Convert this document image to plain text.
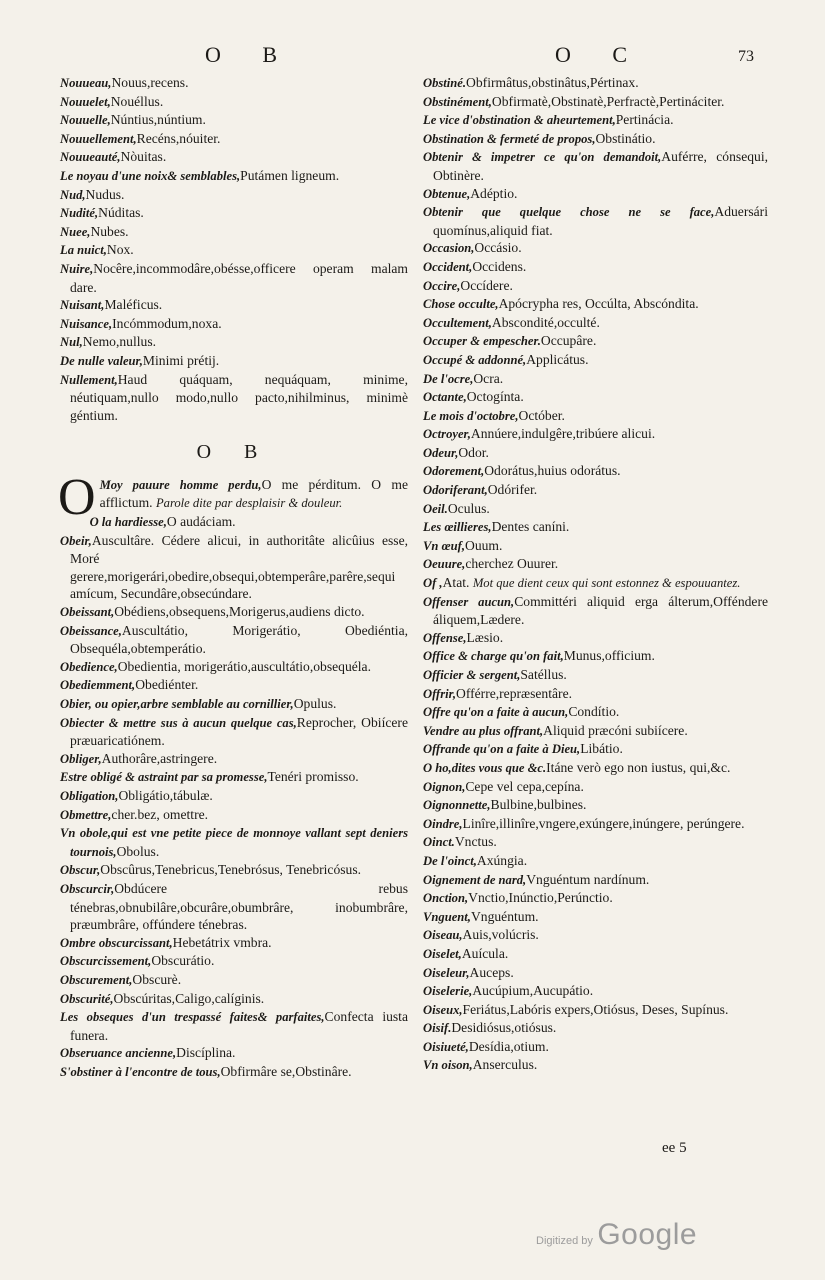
O B	O C	73

Nouueau,Nouus,recens.

Nouuelet,Nouéllus.

Nouuelle,Núntius,núntium.

Nouuellement,Recéns,nóuiter.

Nouueauté,Nòuitas.

Le noyau d'une noix& semblables,Putámen ligneum.

Nud,Nudus.

Nudité,Núditas.

Nuee,Nubes.

La nuict,Nox.

Nuire,Nocêre,incommodâre,obésse,officere operam malam dare.

Nuisant,Maléficus.

Nuisance,Incómmodum,noxa.

Nul,Nemo,nullus.

De nulle valeur,Minimi prétij.

Nullement,Haud quáquam, nequáquam, minime, néutiquam,nullo modo,nullo pacto,nihilminus, minimè géntium.

O B

O Moy pauure homme perdu,O me pérditum. O me afflictum. Parole dite par desplaisir & douleur.

O la hardiesse,O audáciam.

Obeir,Auscultâre. Cédere alicui, in authoritâte alicûius esse, Moré gerere,morigerári,obedire,obsequi,obtemperâre,parêre,sequi amícum, Secundâre,obsecúndare.

Obeissant,Obédiens,obsequens,Morigerus,audiens dicto.

Obeissance,Auscultátio, Morigerátio, Obediéntia, Obsequéla,obtemperátio.

Obedience,Obedientia, morigerátio,auscultátio,obsequéla.

Obediemment,Obediénter.

Obier, ou opier,arbre semblable au cornillier,Opulus.

Obiecter & mettre sus à aucun quelque cas,Reprocher, Obiícere præuaricatiónem.

Obliger,Authorâre,astringere.

Estre obligé & astraint par sa promesse,Tenéri promisso.

Obligation,Obligátio,tábulæ.

Obmettre,cher.bez, omettre.

Vn obole,qui est vne petite piece de monnoye vallant sept deniers tournois,Obolus.

Obscur,Obscûrus,Tenebricus,Tenebrósus, Tenebricósus.

Obscurcir,Obdúcere rebus ténebras,obnubilâre,obcurâre,obumbrâre, inobumbrâre, præumbrâre, offúndere ténebras.

Ombre obscurcissant,Hebetátrix vmbra.

Obscurcissement,Obscurátio.

Obscurement,Obscurè.

Obscurité,Obscúritas,Caligo,calíginis.

Les obseques d'un trespassé faites& parfaites,Confecta iusta funera.

Obseruance ancienne,Discíplina.

S'obstiner à l'encontre de tous,Obfirmâre se,Obstinâre.

Obstiné.Obfirmâtus,obstinâtus,Pértinax.

Obstinément,Obfirmatè,Obstinatè,Perfractè,Pertináciter.

Le vice d'obstination & aheurtement,Pertinácia.

Obstination & fermeté de propos,Obstinátio.

Obtenir & impetrer ce qu'on demandoit,Auférre, cónsequi, Obtinère.

Obtenue,Adéptio.

Obtenir que quelque chose ne se face,Aduersári quomínus,aliquid fiat.

Occasion,Occásio.

Occident,Occidens.

Occire,Occídere.

Chose occulte,Apócrypha res, Occúlta, Abscóndita.

Occultement,Abscondité,occulté.

Occuper & empescher.Occupâre.

Occupé & addonné,Applicátus.

De l'ocre,Ocra.

Octante,Octogínta.

Le mois d'octobre,Octóber.

Octroyer,Annúere,indulgêre,tribúere alicui.

Odeur,Odor.

Odorement,Odorátus,huius odorátus.

Odoriferant,Odórifer.

Oeil.Oculus.

Les œillieres,Dentes caníni.

Vn œuf,Ouum.

Oeuure,cherchez Ouurer.

Of ,Atat. Mot que dient ceux qui sont estonnez & espouuantez.

Offenser aucun,Committéri aliquid erga álterum,Offéndere áliquem,Lædere.

Offense,Læsio.

Office & charge qu'on fait,Munus,officium.

Officier & sergent,Satéllus.

Offrir,Offérre,repræsentâre.

Offre qu'on a faite à aucun,Condítio.

Vendre au plus offrant,Aliquid præcóni subiícere.

Offrande qu'on a faite à Dieu,Libátio.

O ho,dites vous que &c.Itáne verò ego non iustus, qui,&c.

Oignon,Cepe vel cepa,cepína.

Oignonnette,Bulbine,bulbines.

Oindre,Linîre,illinîre,vngere,exúngere,inúngere, perúngere.

Oinct.Vnctus.

De l'oinct,Axúngia.

Oignement de nard,Vnguéntum nardínum.

Onction,Vnctio,Inúnctio,Perúnctio.

Vnguent,Vnguéntum.

Oiseau,Auis,volúcris.

Oiselet,Auícula.

Oiseleur,Auceps.

Oiselerie,Aucúpium,Aucupátio.

Oiseux,Feriátus,Labóris expers,Otiósus, Deses, Supínus.

Oisif.Desidiósus,otiósus.

Oisiueté,Desídia,otium.

Vn oison,Anserculus.

ee 5
Digitized by Google
